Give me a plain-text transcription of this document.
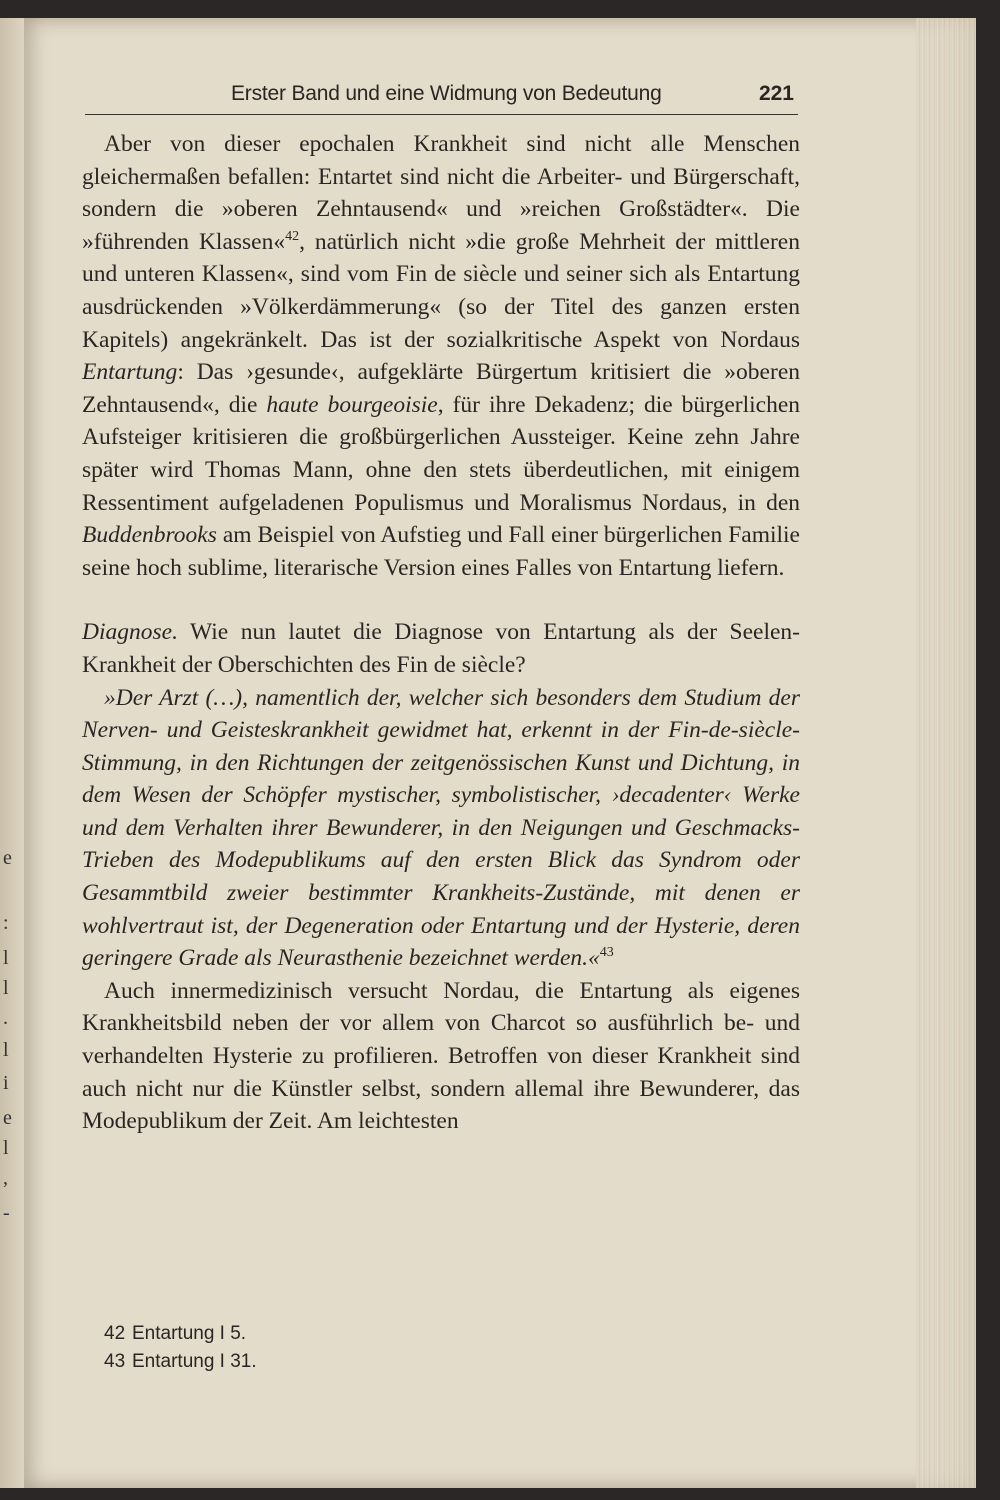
e
:
l
l
.
l
i
e
l
,
-
Erster Band und eine Widmung von Bedeutung	221

Aber von dieser epochalen Krankheit sind nicht alle Menschen gleichermaßen befallen: Entartet sind nicht die Arbeiter- und Bürgerschaft, sondern die »oberen Zehntausend« und »reichen Großstädter«. Die »führenden Klassen«$^{42}$, natürlich nicht »die große Mehrheit der mittleren und unteren Klassen«, sind vom Fin de siècle und seiner sich als Entartung ausdrückenden »Völkerdämmerung« (so der Titel des ganzen ersten Kapitels) angekränkelt. Das ist der sozialkritische Aspekt von Nordaus Entartung: Das ›gesunde‹, aufgeklärte Bürgertum kritisiert die »oberen Zehntausend«, die haute bourgeoisie, für ihre Dekadenz; die bürgerlichen Aufsteiger kritisieren die großbürgerlichen Aussteiger. Keine zehn Jahre später wird Thomas Mann, ohne den stets überdeutlichen, mit einigem Ressentiment aufgeladenen Populismus und Moralismus Nordaus, in den Buddenbrooks am Beispiel von Aufstieg und Fall einer bürgerlichen Familie seine hoch sublime, literarische Version eines Falles von Entartung liefern.

Diagnose. Wie nun lautet die Diagnose von Entartung als der Seelen-Krankheit der Oberschichten des Fin de siècle?

»Der Arzt (…), namentlich der, welcher sich besonders dem Studium der Nerven- und Geisteskrankheit gewidmet hat, erkennt in der Fin-de-siècle-Stimmung, in den Richtungen der zeitgenössischen Kunst und Dichtung, in dem Wesen der Schöpfer mystischer, symbolistischer, ›decadenter‹ Werke und dem Verhalten ihrer Bewunderer, in den Neigungen und Geschmacks-Trieben des Modepublikums auf den ersten Blick das Syndrom oder Gesammtbild zweier bestimmter Krankheits-Zustände, mit denen er wohlvertraut ist, der Degeneration oder Entartung und der Hysterie, deren geringere Grade als Neurasthenie bezeichnet werden.«$^{43}$

Auch innermedizinisch versucht Nordau, die Entartung als eigenes Krankheitsbild neben der vor allem von Charcot so ausführlich be- und verhandelten Hysterie zu profilieren. Betroffen von dieser Krankheit sind auch nicht nur die Künstler selbst, sondern allemal ihre Bewunderer, das Modepublikum der Zeit. Am leichtesten

42 Entartung I 5.
43 Entartung I 31.
